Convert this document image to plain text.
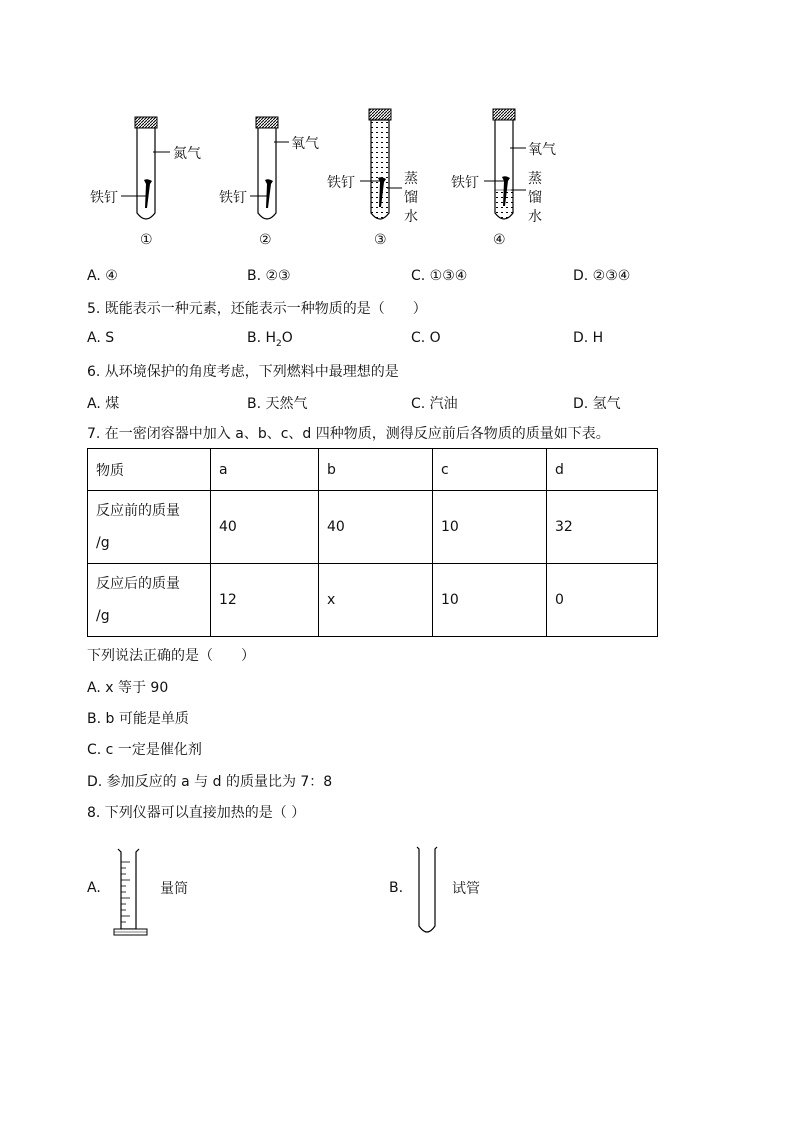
铁钉
氮气
①
铁钉
氧气
②
铁钉	蒸
馏
水
③
铁钉
氧气
蒸
馏
水
④
A. ④	B. ②③	C. ①③④	D. ②③④
5. 既能表示一种元素，还能表示一种物质的是（　　）
A. S	B. $H_2O$	C. O	D. H
6. 从环境保护的角度考虑，下列燃料中最理想的是
A. 煤	B. 天然气	C. 汽油	D. 氢气
7. 在一密闭容器中加入 a、b、c、d 四种物质，测得反应前后各物质的质量如下表。
物质	a	b	c	d

反应前的质量
/g	40	40	10	32

反应后的质量
/g	12	x	10	0
下列说法正确的是（　　）
A. x 等于 90
B. b 可能是单质
C. c 一定是催化剂
D. 参加反应的 a 与 d 的质量比为 7：8
8. 下列仪器可以直接加热的是（ ）
A.	量筒	B.	试管
